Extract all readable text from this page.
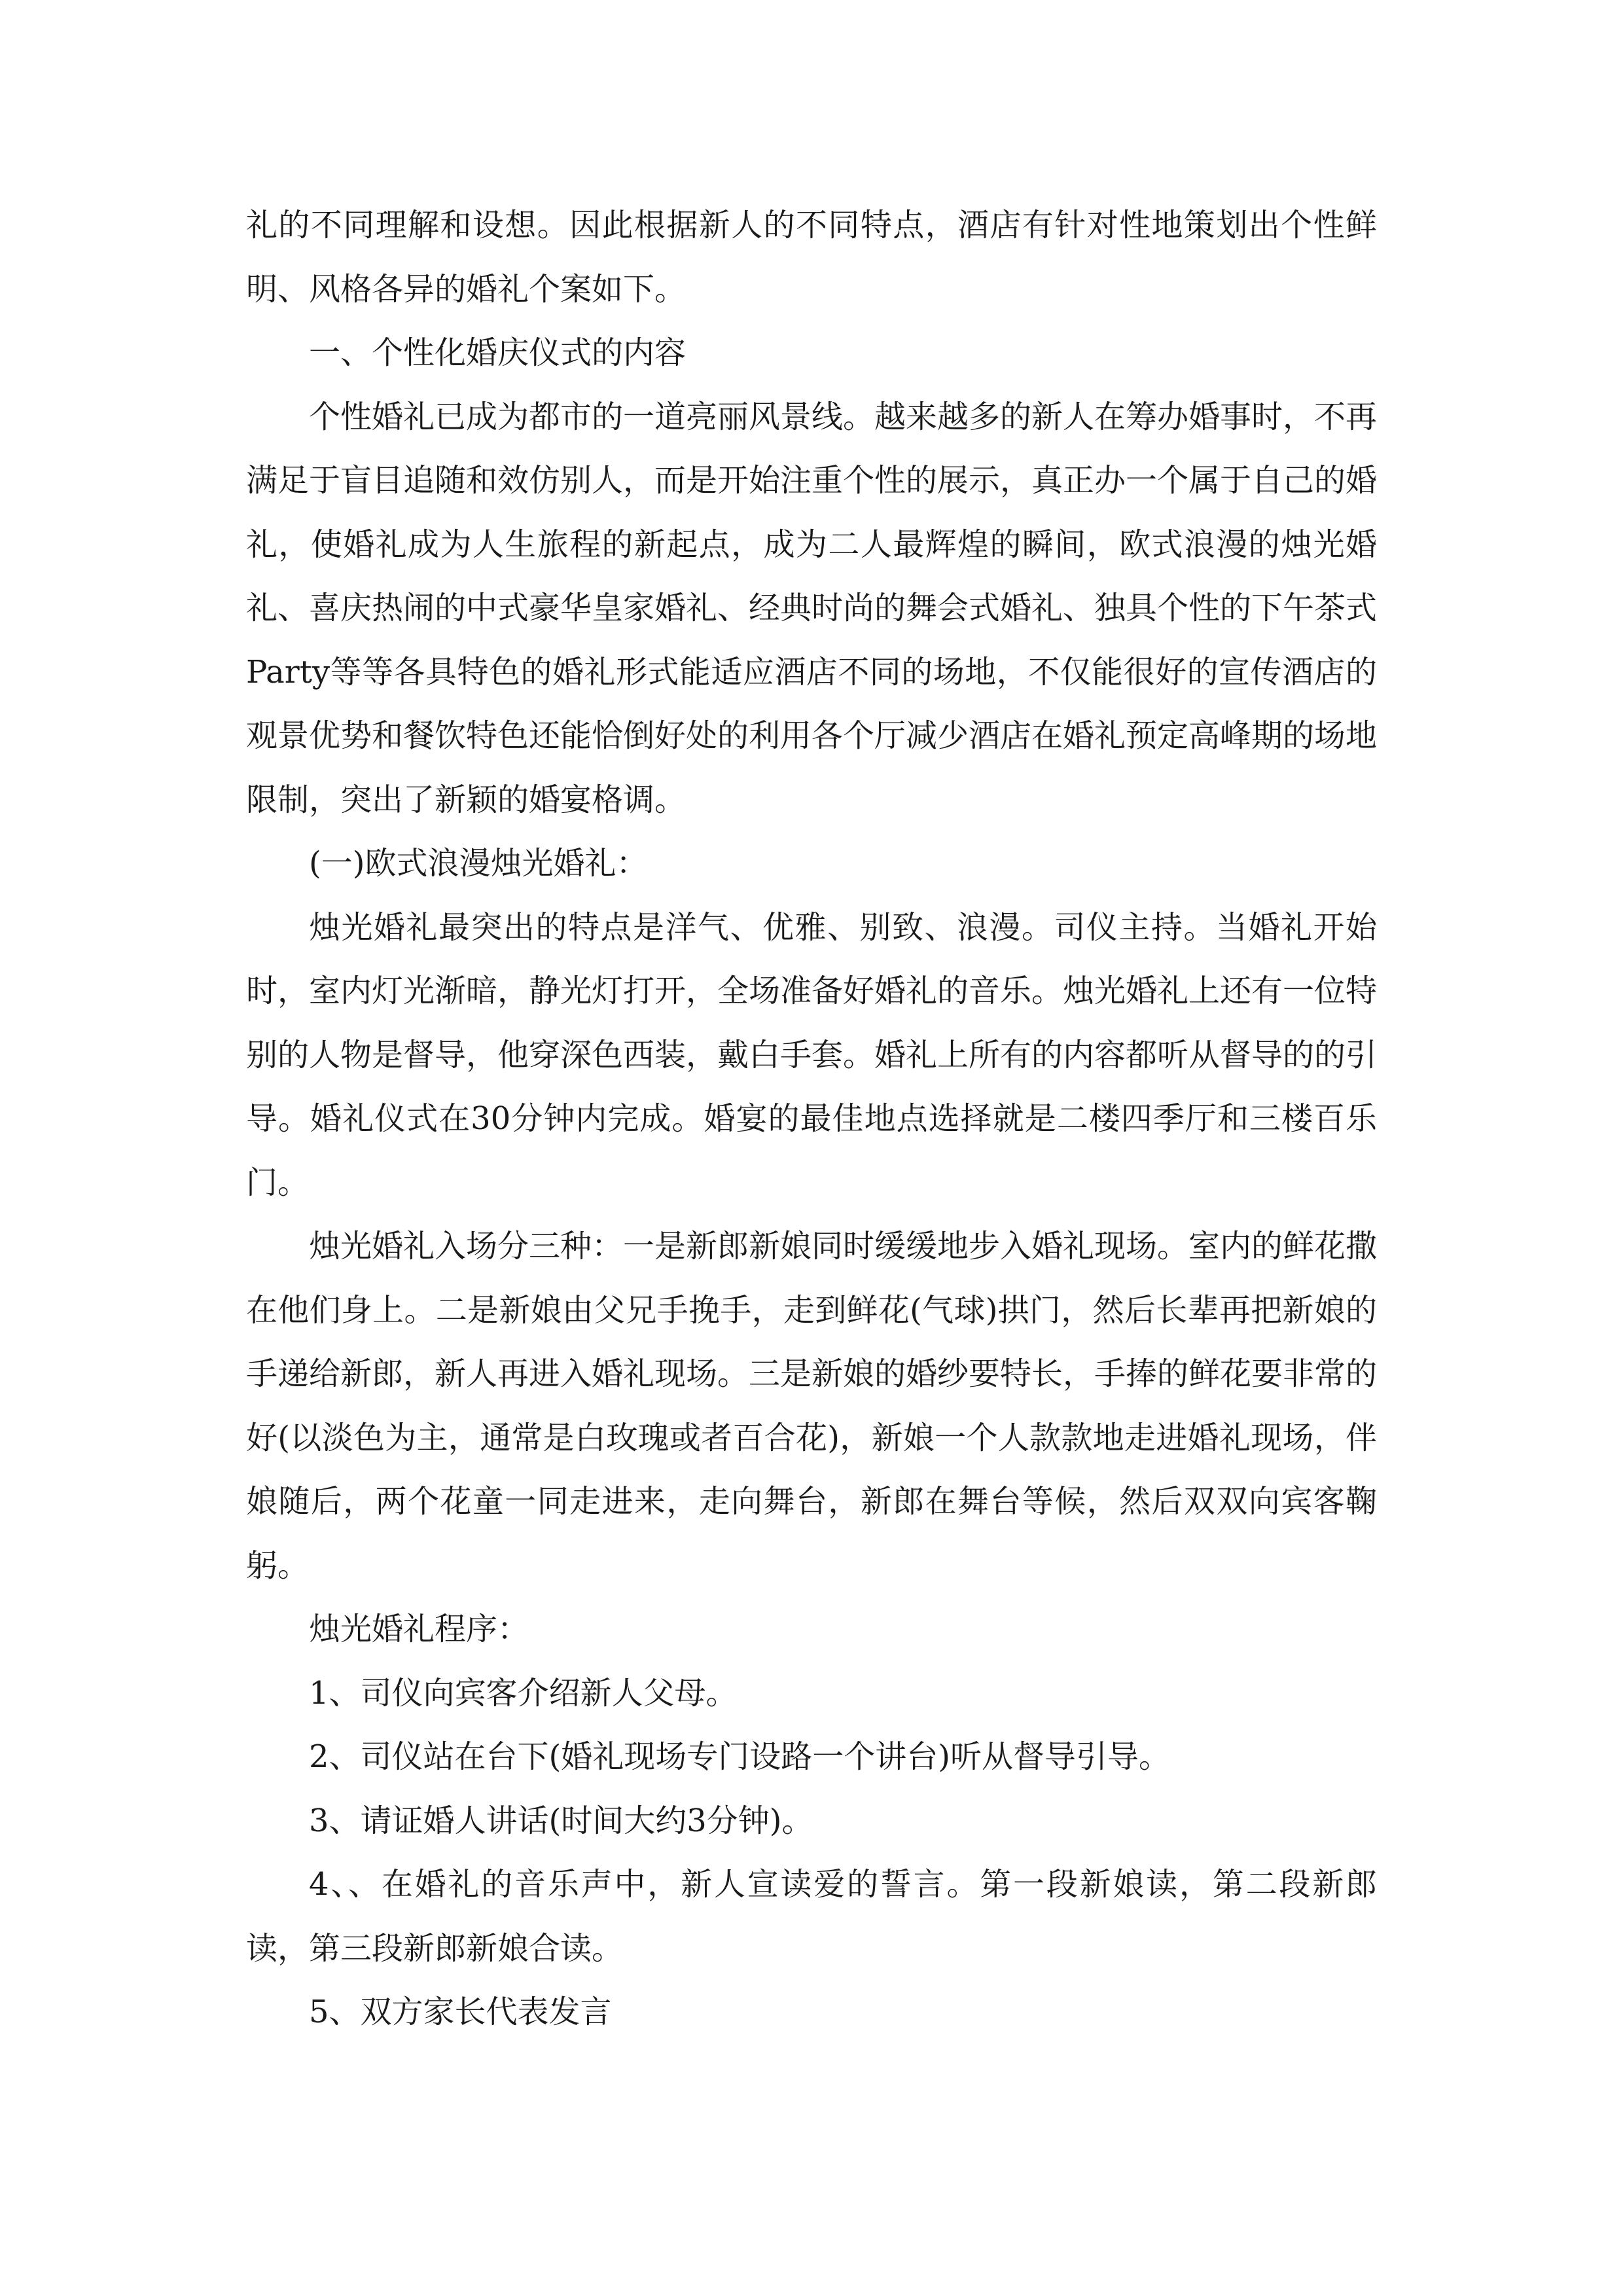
礼的不同理解和设想。因此根据新人的不同特点，酒店有针对性地策划出个性鲜明、风格各异的婚礼个案如下。

一、个性化婚庆仪式的内容

个性婚礼已成为都市的一道亮丽风景线。越来越多的新人在筹办婚事时，不再满足于盲目追随和效仿别人，而是开始注重个性的展示，真正办一个属于自己的婚礼，使婚礼成为人生旅程的新起点，成为二人最辉煌的瞬间，欧式浪漫的烛光婚礼、喜庆热闹的中式豪华皇家婚礼、经典时尚的舞会式婚礼、独具个性的下午茶式Party等等各具特色的婚礼形式能适应酒店不同的场地，不仅能很好的宣传酒店的观景优势和餐饮特色还能恰倒好处的利用各个厅减少酒店在婚礼预定高峰期的场地限制，突出了新颖的婚宴格调。

(一)欧式浪漫烛光婚礼：

烛光婚礼最突出的特点是洋气、优雅、别致、浪漫。司仪主持。当婚礼开始时，室内灯光渐暗，静光灯打开，全场准备好婚礼的音乐。烛光婚礼上还有一位特别的人物是督导，他穿深色西装，戴白手套。婚礼上所有的内容都听从督导的的引导。婚礼仪式在30分钟内完成。婚宴的最佳地点选择就是二楼四季厅和三楼百乐门。

烛光婚礼入场分三种：一是新郎新娘同时缓缓地步入婚礼现场。室内的鲜花撒在他们身上。二是新娘由父兄手挽手，走到鲜花(气球)拱门，然后长辈再把新娘的手递给新郎，新人再进入婚礼现场。三是新娘的婚纱要特长，手捧的鲜花要非常的好(以淡色为主，通常是白玫瑰或者百合花)，新娘一个人款款地走进婚礼现场，伴娘随后，两个花童一同走进来，走向舞台，新郎在舞台等候，然后双双向宾客鞠躬。

烛光婚礼程序：

1、司仪向宾客介绍新人父母。

2、司仪站在台下(婚礼现场专门设路一个讲台)听从督导引导。

3、请证婚人讲话(时间大约3分钟)。

4、、在婚礼的音乐声中，新人宣读爱的誓言。第一段新娘读，第二段新郎读，第三段新郎新娘合读。

5、双方家长代表发言
